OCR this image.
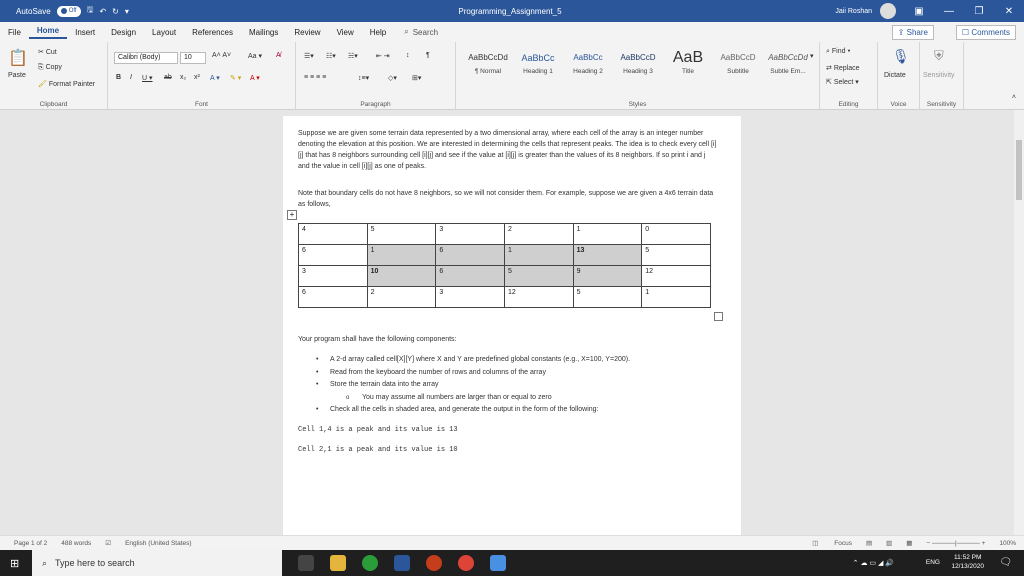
AutoSave	Off 🖫 ↶ ↻ ▾	Programming_Assignment_5	Jaii Roshan	▣	—	❐	✕
File	Home	Insert	Design	Layout	References	Mailings	Review	View	Help	⌕ Search	⇪ Share	☐ Comments
📋
Paste
✂ Cut
⎘ Copy
🖌 Format Painter
Clipboard
Calibri (Body)	10	A˄ A˅ Aa ▾ A̸
B I U ▾ ab x₂ x² A ▾ ✎ ▾ A ▾
Font
☰▾ ☷▾ ☵▾	⇤ ⇥ ↕ ¶
≡ ≡ ≡ ≡	↕≡▾	◇▾ ⊞▾
Paragraph
AaBbCcDd
¶ Normal
AaBbCc
Heading 1
AaBbCc
Heading 2
AaBbCcD
Heading 3
AaB
Title
AaBbCcD
Subtitle
AaBbCcDd
Subtle Em...
▾
Styles
⌕ Find ▾
⇄ Replace
⇱ Select ▾
Editing
🎙
Dictate
Voice
⛨
Sensitivity
Sensitivity
˄
Suppose we are given some terrain data represented by a two dimensional array, where each cell of the array is an integer number denoting the elevation at this position. We are interested in determining the cells that represent peaks. The idea is to check every cell [i][j] that has 8 neighbors surrounding cell [i][j] and see if the value at [i][j] is greater than the values of its 8 neighbors. If so print i and j and the value in cell [i][j] as one of peaks.
Note that boundary cells do not have 8 neighbors, so we will not consider them. For example, suppose we are given a 4x6 terrain data as follows,
+
4	5	3	2	1	0
6	1	6	1	13	5
3	10	6	5	9	12
6	2	3	12	5	1
Your program shall have the following components:
• A 2-d array called cell[X][Y] where X and Y are predefined global constants (e.g., X=100, Y=200).
• Read from the keyboard the number of rows and columns of the array
• Store the terrain data into the array
o You may assume all numbers are larger than or equal to zero
• Check all the cells in shaded area, and generate the output in the form of the following:
Cell 1,4 is a peak and its value is 13
Cell 2,1 is a peak and its value is 10
Page 1 of 2 488 words ☑ English (United States)	◫ Focus ▤ ▥ ▦ − ─────|───── + 100%
⊞	⌕ Type here to search	⌃ ☁ ▭ ◢ 🔊	ENG
11:52 PM
12/13/2020 🗨
